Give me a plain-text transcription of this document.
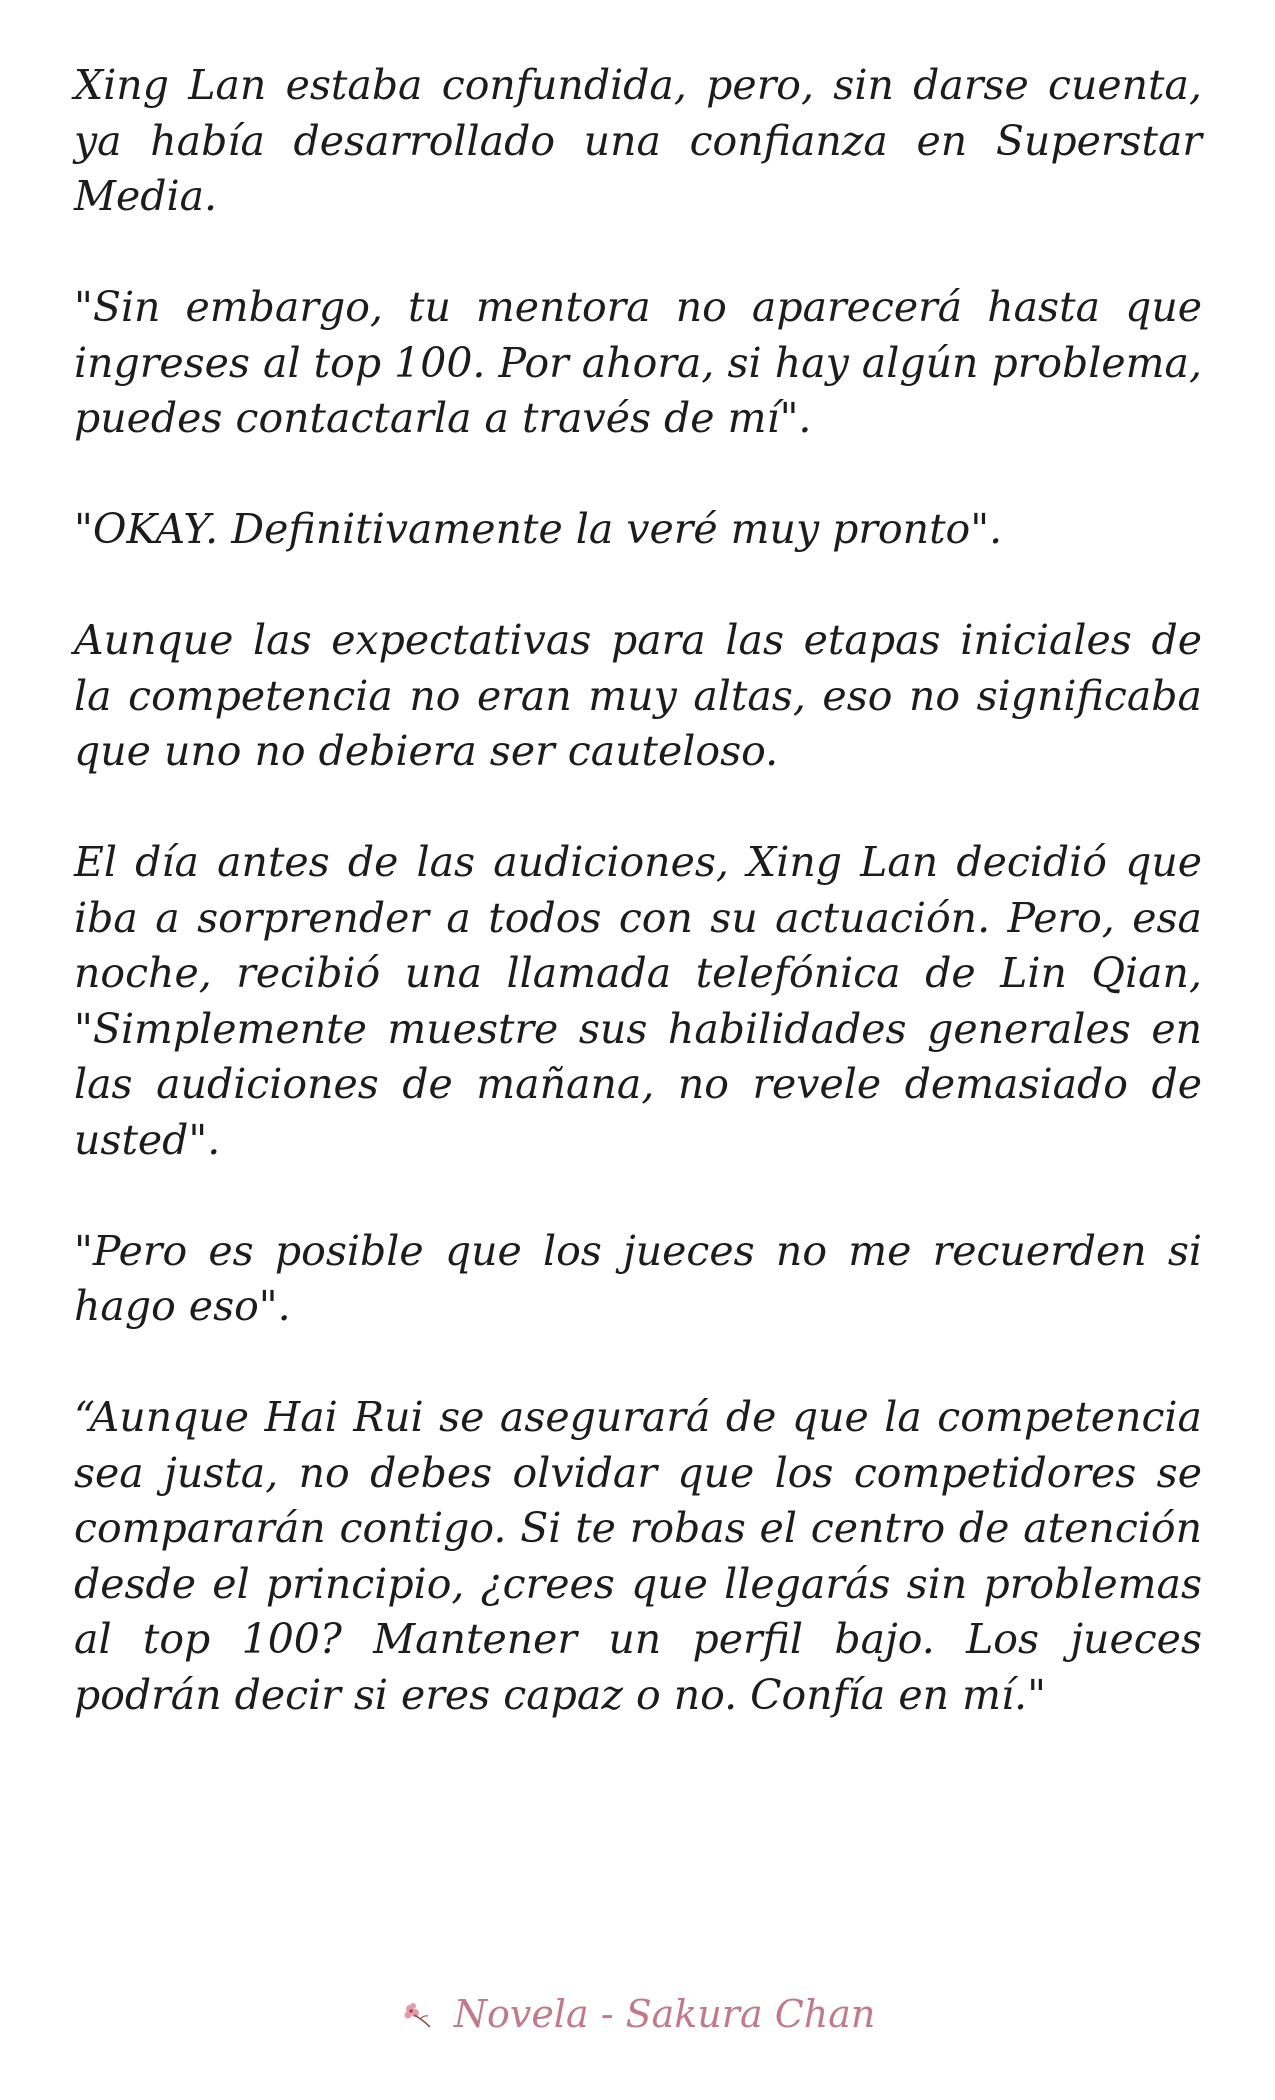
Xing Lan estaba confundida, pero, sin darse cuenta, ya había desarrollado una confianza en Superstar Media.

"Sin embargo, tu mentora no aparecerá hasta que ingreses al top 100. Por ahora, si hay algún problema, puedes contactarla a través de mí".

"OKAY. Definitivamente la veré muy pronto".

Aunque las expectativas para las etapas iniciales de la competencia no eran muy altas, eso no significaba que uno no debiera ser cauteloso.

El día antes de las audiciones, Xing Lan decidió que iba a sorprender a todos con su actuación. Pero, esa noche, recibió una llamada telefónica de Lin Qian, "Simplemente muestre sus habilidades generales en las audiciones de mañana, no revele demasiado de usted".

"Pero es posible que los jueces no me recuerden si hago eso".

“Aunque Hai Rui se asegurará de que la competencia sea justa, no debes olvidar que los competidores se compararán contigo. Si te robas el centro de atención desde el principio, ¿crees que llegarás sin problemas al top 100? Mantener un perfil bajo. Los jueces podrán decir si eres capaz o no. Confía en mí."

Novela - Sakura Chan
